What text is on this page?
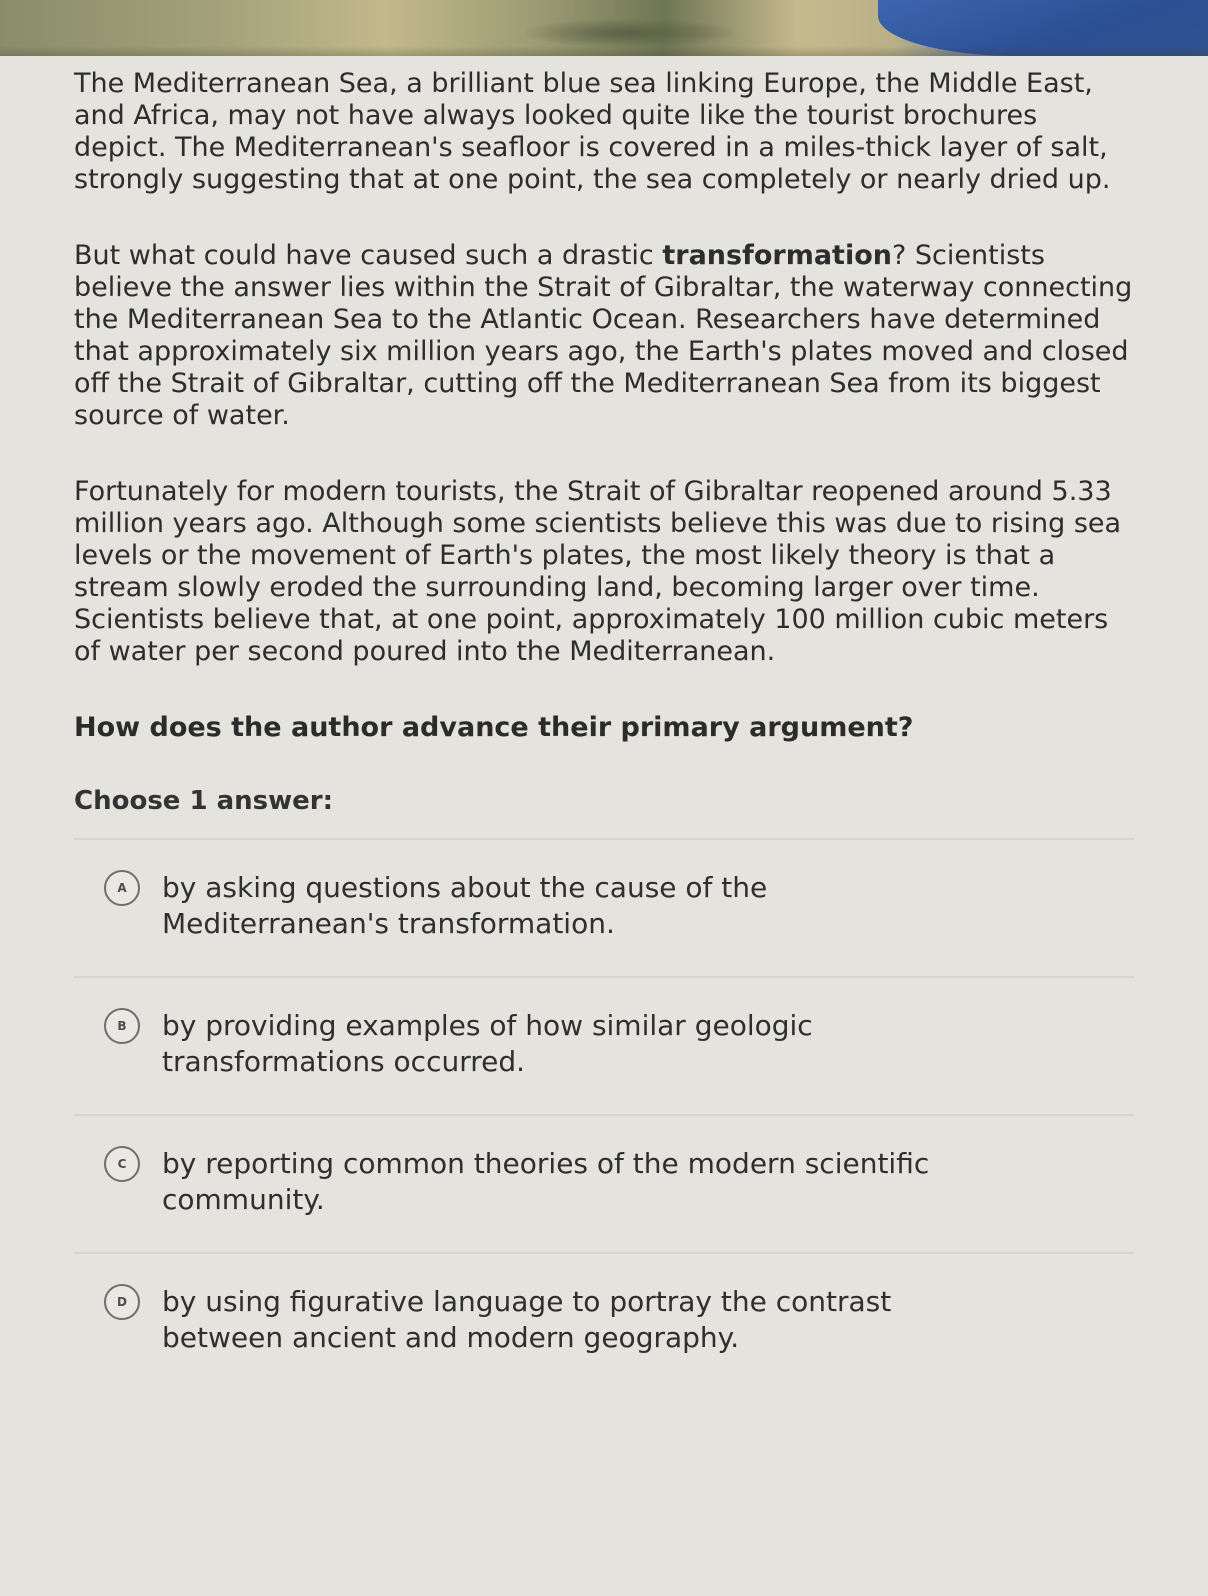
The Mediterranean Sea, a brilliant blue sea linking Europe, the Middle East, and Africa, may not have always looked quite like the tourist brochures depict. The Mediterranean's seafloor is covered in a miles-thick layer of salt, strongly suggesting that at one point, the sea completely or nearly dried up.

But what could have caused such a drastic transformation? Scientists believe the answer lies within the Strait of Gibraltar, the waterway connecting the Mediterranean Sea to the Atlantic Ocean. Researchers have determined that approximately six million years ago, the Earth's plates moved and closed off the Strait of Gibraltar, cutting off the Mediterranean Sea from its biggest source of water.

Fortunately for modern tourists, the Strait of Gibraltar reopened around 5.33 million years ago. Although some scientists believe this was due to rising sea levels or the movement of Earth's plates, the most likely theory is that a stream slowly eroded the surrounding land, becoming larger over time. Scientists believe that, at one point, approximately 100 million cubic meters of water per second poured into the Mediterranean.

How does the author advance their primary argument?
Choose 1 answer:
A	by asking questions about the cause of the Mediterranean's transformation.
B	by providing examples of how similar geologic transformations occurred.
C	by reporting common theories of the modern scientific community.
D	by using figurative language to portray the contrast between ancient and modern geography.
